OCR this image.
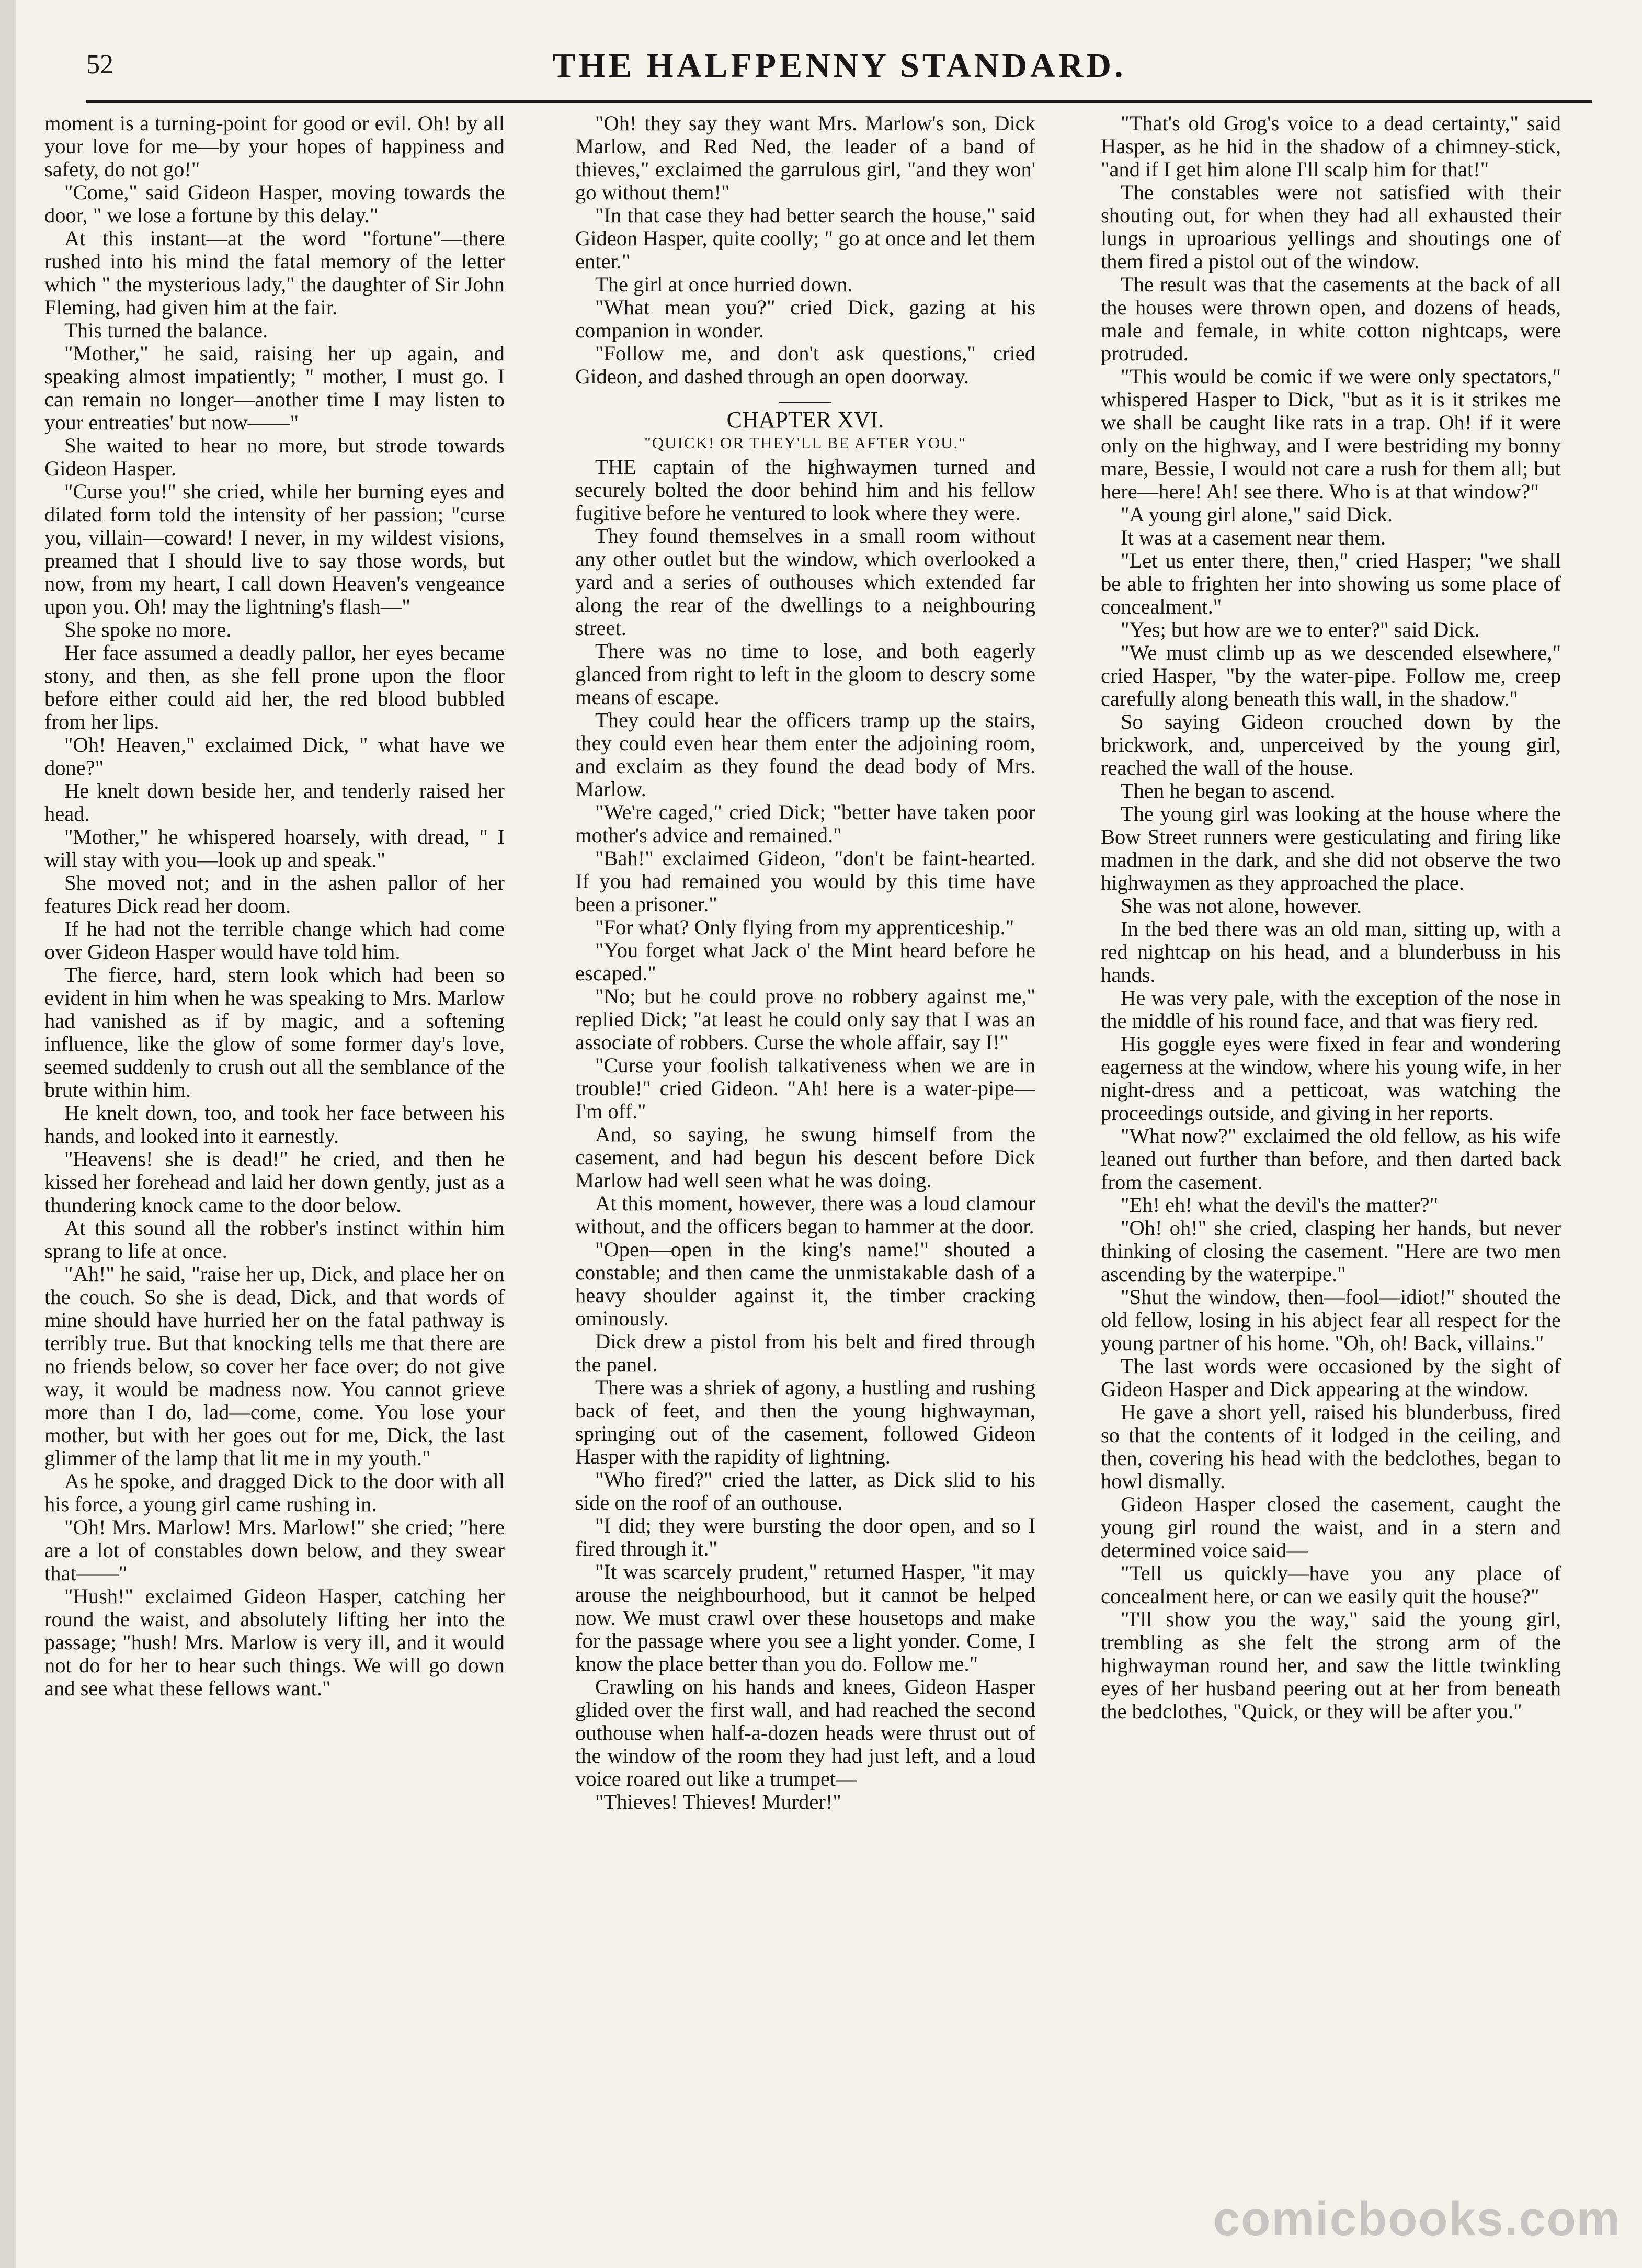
52	THE HALFPENNY STANDARD.

moment is a turning-point for good or evil. Oh! by all your love for me—by your hopes of happiness and safety, do not go!"

"Come," said Gideon Hasper, moving towards the door, " we lose a fortune by this delay."

At this instant—at the word "fortune"—there rushed into his mind the fatal memory of the letter which " the mysterious lady," the daughter of Sir John Fleming, had given him at the fair.

This turned the balance.

"Mother," he said, raising her up again, and speaking almost impatiently; " mother, I must go. I can remain no longer—another time I may listen to your entreaties' but now——"

She waited to hear no more, but strode towards Gideon Hasper.

"Curse you!" she cried, while her burning eyes and dilated form told the intensity of her passion; "curse you, villain—coward! I never, in my wildest visions, preamed that I should live to say those words, but now, from my heart, I call down Heaven's vengeance upon you. Oh! may the lightning's flash—"

She spoke no more.

Her face assumed a deadly pallor, her eyes became stony, and then, as she fell prone upon the floor before either could aid her, the red blood bubbled from her lips.

"Oh! Heaven," exclaimed Dick, " what have we done?"

He knelt down beside her, and tenderly raised her head.

"Mother," he whispered hoarsely, with dread, " I will stay with you—look up and speak."

She moved not; and in the ashen pallor of her features Dick read her doom.

If he had not the terrible change which had come over Gideon Hasper would have told him.

The fierce, hard, stern look which had been so evident in him when he was speaking to Mrs. Marlow had vanished as if by magic, and a softening influence, like the glow of some former day's love, seemed suddenly to crush out all the semblance of the brute within him.

He knelt down, too, and took her face between his hands, and looked into it earnestly.

"Heavens! she is dead!" he cried, and then he kissed her forehead and laid her down gently, just as a thundering knock came to the door below.

At this sound all the robber's instinct within him sprang to life at once.

"Ah!" he said, "raise her up, Dick, and place her on the couch. So she is dead, Dick, and that words of mine should have hurried her on the fatal pathway is terribly true. But that knocking tells me that there are no friends below, so cover her face over; do not give way, it would be madness now. You cannot grieve more than I do, lad—come, come. You lose your mother, but with her goes out for me, Dick, the last glimmer of the lamp that lit me in my youth."

As he spoke, and dragged Dick to the door with all his force, a young girl came rushing in.

"Oh! Mrs. Marlow! Mrs. Marlow!" she cried; "here are a lot of constables down below, and they swear that——"

"Hush!" exclaimed Gideon Hasper, catching her round the waist, and absolutely lifting her into the passage; "hush! Mrs. Marlow is very ill, and it would not do for her to hear such things. We will go down and see what these fellows want."

"Oh! they say they want Mrs. Marlow's son, Dick Marlow, and Red Ned, the leader of a band of thieves," exclaimed the garrulous girl, "and they won' go without them!"

"In that case they had better search the house," said Gideon Hasper, quite coolly; " go at once and let them enter."

The girl at once hurried down.

"What mean you?" cried Dick, gazing at his companion in wonder.

"Follow me, and don't ask questions," cried Gideon, and dashed through an open doorway.

CHAPTER XVI.
"QUICK! OR THEY'LL BE AFTER YOU."

THE captain of the highwaymen turned and securely bolted the door behind him and his fellow fugitive before he ventured to look where they were.

They found themselves in a small room without any other outlet but the window, which overlooked a yard and a series of outhouses which extended far along the rear of the dwellings to a neighbouring street.

There was no time to lose, and both eagerly glanced from right to left in the gloom to descry some means of escape.

They could hear the officers tramp up the stairs, they could even hear them enter the adjoining room, and exclaim as they found the dead body of Mrs. Marlow.

"We're caged," cried Dick; "better have taken poor mother's advice and remained."

"Bah!" exclaimed Gideon, "don't be faint-hearted. If you had remained you would by this time have been a prisoner."

"For what? Only flying from my apprenticeship."

"You forget what Jack o' the Mint heard before he escaped."

"No; but he could prove no robbery against me," replied Dick; "at least he could only say that I was an associate of robbers. Curse the whole affair, say I!"

"Curse your foolish talkativeness when we are in trouble!" cried Gideon. "Ah! here is a water-pipe—I'm off."

And, so saying, he swung himself from the casement, and had begun his descent before Dick Marlow had well seen what he was doing.

At this moment, however, there was a loud clamour without, and the officers began to hammer at the door.

"Open—open in the king's name!" shouted a constable; and then came the unmistakable dash of a heavy shoulder against it, the timber cracking ominously.

Dick drew a pistol from his belt and fired through the panel.

There was a shriek of agony, a hustling and rushing back of feet, and then the young highwayman, springing out of the casement, followed Gideon Hasper with the rapidity of lightning.

"Who fired?" cried the latter, as Dick slid to his side on the roof of an outhouse.

"I did; they were bursting the door open, and so I fired through it."

"It was scarcely prudent," returned Hasper, "it may arouse the neighbourhood, but it cannot be helped now. We must crawl over these housetops and make for the passage where you see a light yonder. Come, I know the place better than you do. Follow me."

Crawling on his hands and knees, Gideon Hasper glided over the first wall, and had reached the second outhouse when half-a-dozen heads were thrust out of the window of the room they had just left, and a loud voice roared out like a trumpet—

"Thieves! Thieves! Murder!"

"That's old Grog's voice to a dead certainty," said Hasper, as he hid in the shadow of a chimney-stick, "and if I get him alone I'll scalp him for that!"

The constables were not satisfied with their shouting out, for when they had all exhausted their lungs in uproarious yellings and shoutings one of them fired a pistol out of the window.

The result was that the casements at the back of all the houses were thrown open, and dozens of heads, male and female, in white cotton nightcaps, were protruded.

"This would be comic if we were only spectators," whispered Hasper to Dick, "but as it is it strikes me we shall be caught like rats in a trap. Oh! if it were only on the highway, and I were bestriding my bonny mare, Bessie, I would not care a rush for them all; but here—here! Ah! see there. Who is at that window?"

"A young girl alone," said Dick.

It was at a casement near them.

"Let us enter there, then," cried Hasper; "we shall be able to frighten her into showing us some place of concealment."

"Yes; but how are we to enter?" said Dick.

"We must climb up as we descended elsewhere," cried Hasper, "by the water-pipe. Follow me, creep carefully along beneath this wall, in the shadow."

So saying Gideon crouched down by the brickwork, and, unperceived by the young girl, reached the wall of the house.

Then he began to ascend.

The young girl was looking at the house where the Bow Street runners were gesticulating and firing like madmen in the dark, and she did not observe the two highwaymen as they approached the place.

She was not alone, however.

In the bed there was an old man, sitting up, with a red nightcap on his head, and a blunderbuss in his hands.

He was very pale, with the exception of the nose in the middle of his round face, and that was fiery red.

His goggle eyes were fixed in fear and wondering eagerness at the window, where his young wife, in her night-dress and a petticoat, was watching the proceedings outside, and giving in her reports.

"What now?" exclaimed the old fellow, as his wife leaned out further than before, and then darted back from the casement.

"Eh! eh! what the devil's the matter?"

"Oh! oh!" she cried, clasping her hands, but never thinking of closing the casement. "Here are two men ascending by the waterpipe."

"Shut the window, then—fool—idiot!" shouted the old fellow, losing in his abject fear all respect for the young partner of his home. "Oh, oh! Back, villains."

The last words were occasioned by the sight of Gideon Hasper and Dick appearing at the window.

He gave a short yell, raised his blunderbuss, fired so that the contents of it lodged in the ceiling, and then, covering his head with the bedclothes, began to howl dismally.

Gideon Hasper closed the casement, caught the young girl round the waist, and in a stern and determined voice said—

"Tell us quickly—have you any place of concealment here, or can we easily quit the house?"

"I'll show you the way," said the young girl, trembling as she felt the strong arm of the highwayman round her, and saw the little twinkling eyes of her husband peering out at her from beneath the bedclothes, "Quick, or they will be after you."

comicbooks.com
